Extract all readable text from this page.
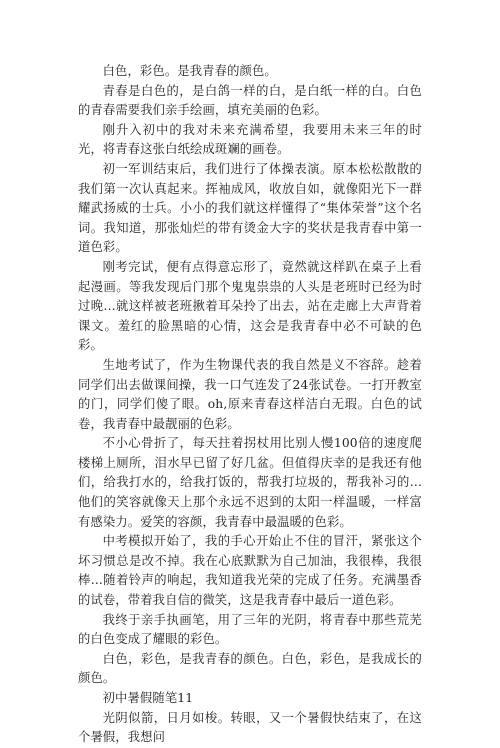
白色，彩色。是我青春的颜色。

青春是白色的，是白鸽一样的白，是白纸一样的白。白色的青春需要我们亲手绘画，填充美丽的色彩。

刚升入初中的我对未来充满希望，我要用未来三年的时光，将青春这张白纸绘成斑斓的画卷。

初一军训结束后，我们进行了体操表演。原本松松散散的我们第一次认真起来。挥袖成风，收放自如，就像阳光下一群耀武扬威的士兵。小小的我们就这样懂得了“集体荣誉”这个名词。我知道，那张灿烂的带有烫金大字的奖状是我青春中第一道色彩。

刚考完试，便有点得意忘形了，竟然就这样趴在桌子上看起漫画。等我发现后门那个鬼鬼祟祟的人头是老班时已经为时过晚...就这样被老班揪着耳朵拎了出去，站在走廊上大声背着课文。羞红的脸黑暗的心情，这会是我青春中必不可缺的色彩。

生地考试了，作为生物课代表的我自然是义不容辞。趁着同学们出去做课间操，我一口气连发了24张试卷。一打开教室的门，同学们傻了眼。oh,原来青春这样洁白无瑕。白色的试卷，我青春中最靓丽的色彩。

不小心骨折了，每天拄着拐杖用比别人慢100倍的速度爬楼梯上厕所，泪水早已留了好几盆。但值得庆幸的是我还有他们，给我打水的，给我打饭的，帮我打垃圾的，帮我补习的...他们的笑容就像天上那个永远不迟到的太阳一样温暖，一样富有感染力。爱笑的容颜，我青春中最温暖的色彩。

中考模拟开始了，我的手心开始止不住的冒汗，紧张这个坏习惯总是改不掉。我在心底默默为自己加油，我很棒，我很棒...随着铃声的响起，我知道我光荣的完成了任务。充满墨香的试卷，带着我自信的微笑，这是我青春中最后一道色彩。

我终于亲手执画笔，用了三年的光阴，将青春中那些荒芜的白色变成了耀眼的彩色。

白色，彩色，是我青春的颜色。白色，彩色，是我成长的颜色。

初中暑假随笔11

光阴似箭，日月如梭。转眼，又一个暑假快结束了，在这个暑假，我想问
